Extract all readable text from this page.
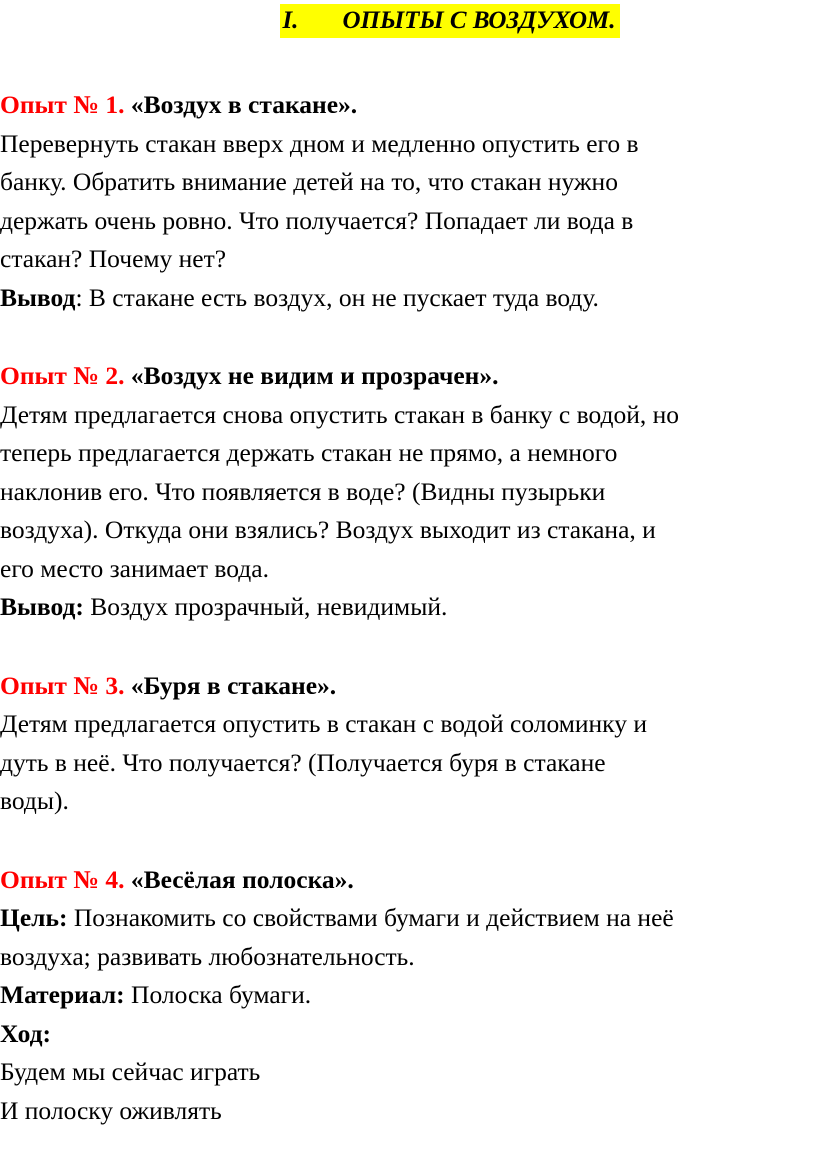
I. ОПЫТЫ С ВОЗДУХОМ.

Опыт № 1. «Воздух в стакане».

Перевернуть стакан вверх дном и медленно опустить его в

банку. Обратить внимание детей на то, что стакан нужно

держать очень ровно. Что получается? Попадает ли вода в

стакан? Почему нет?

Вывод: В стакане есть воздух, он не пускает туда воду.

Опыт № 2. «Воздух не видим и прозрачен».

Детям предлагается снова опустить стакан в банку с водой, но

теперь предлагается держать стакан не прямо, а немного

наклонив его. Что появляется в воде? (Видны пузырьки

воздуха). Откуда они взялись? Воздух выходит из стакана, и

его место занимает вода.

Вывод: Воздух прозрачный, невидимый.

Опыт № 3. «Буря в стакане».

Детям предлагается опустить в стакан с водой соломинку и

дуть в неё. Что получается? (Получается буря в стакане

воды).

Опыт № 4. «Весёлая полоска».

Цель: Познакомить со свойствами бумаги и действием на неё

воздуха; развивать любознательность.

Материал: Полоска бумаги.

Ход:

Будем мы сейчас играть

И полоску оживлять
